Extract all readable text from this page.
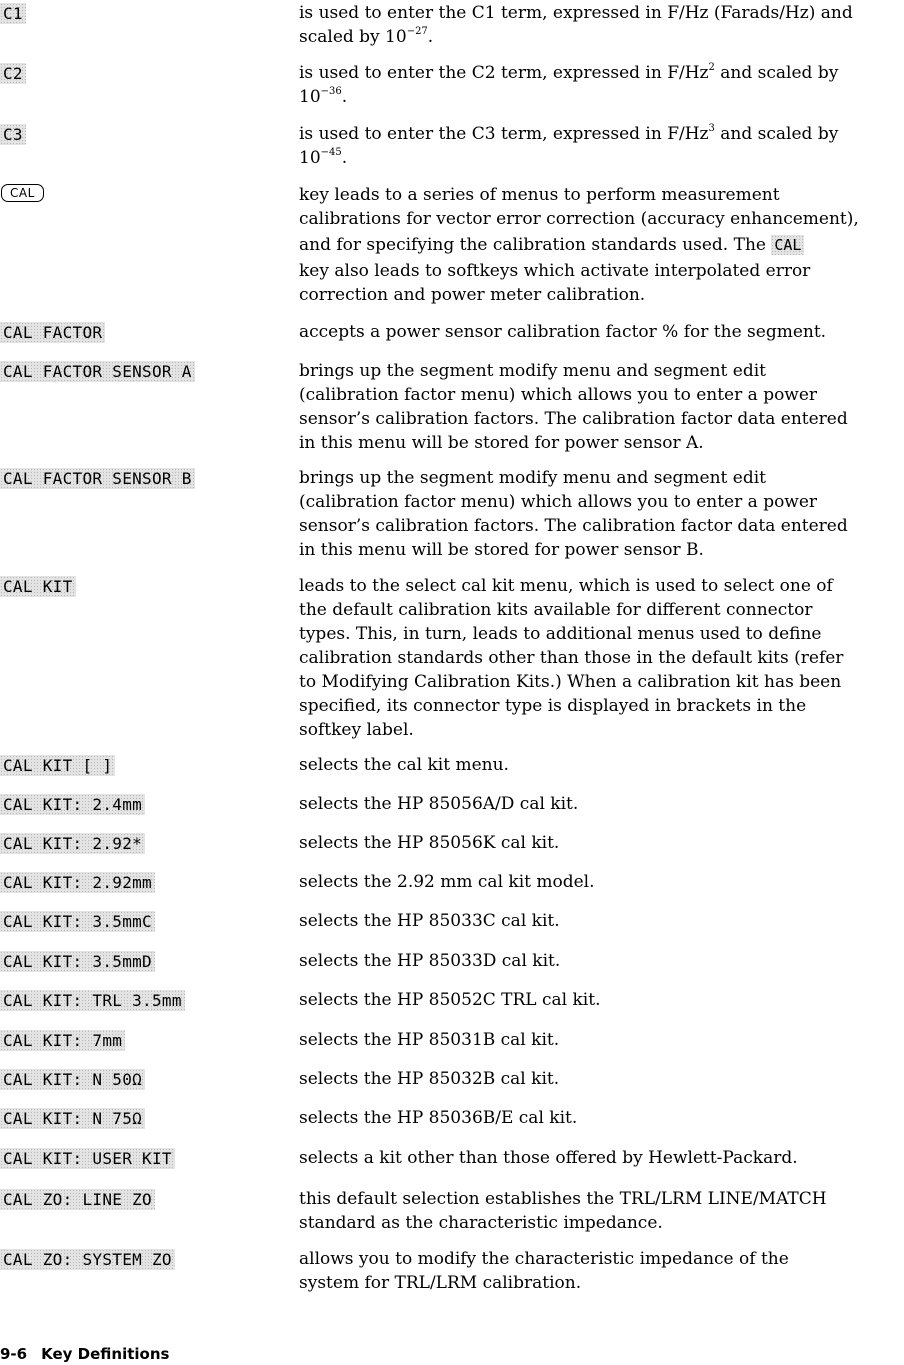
C1	is used to enter the C1 term, expressed in F/Hz (Farads/Hz) and
scaled by $10^{-27}$.
C2	is used to enter the C2 term, expressed in F/Hz$^2$ and scaled by
$10^{-36}$.
C3	is used to enter the C3 term, expressed in F/Hz$^3$ and scaled by
$10^{-45}$.
CAL	key leads to a series of menus to perform measurement
calibrations for vector error correction (accuracy enhancement),
and for specifying the calibration standards used. The CAL
key also leads to softkeys which activate interpolated error
correction and power meter calibration.
CAL FACTOR	accepts a power sensor calibration factor % for the segment.
CAL FACTOR SENSOR A	brings up the segment modify menu and segment edit
(calibration factor menu) which allows you to enter a power
sensor’s calibration factors. The calibration factor data entered
in this menu will be stored for power sensor A.
CAL FACTOR SENSOR B	brings up the segment modify menu and segment edit
(calibration factor menu) which allows you to enter a power
sensor’s calibration factors. The calibration factor data entered
in this menu will be stored for power sensor B.
CAL KIT	leads to the select cal kit menu, which is used to select one of
the default calibration kits available for different connector
types. This, in turn, leads to additional menus used to define
calibration standards other than those in the default kits (refer
to Modifying Calibration Kits.) When a calibration kit has been
specified, its connector type is displayed in brackets in the
softkey label.
CAL KIT [ ]	selects the cal kit menu.
CAL KIT: 2.4mm	selects the HP 85056A/D cal kit.
CAL KIT: 2.92*	selects the HP 85056K cal kit.
CAL KIT: 2.92mm	selects the 2.92 mm cal kit model.
CAL KIT: 3.5mmC	selects the HP 85033C cal kit.
CAL KIT: 3.5mmD	selects the HP 85033D cal kit.
CAL KIT: TRL 3.5mm	selects the HP 85052C TRL cal kit.
CAL KIT: 7mm	selects the HP 85031B cal kit.
CAL KIT: N 50Ω	selects the HP 85032B cal kit.
CAL KIT: N 75Ω	selects the HP 85036B/E cal kit.
CAL KIT: USER KIT	selects a kit other than those offered by Hewlett-Packard.
CAL ZO: LINE ZO	this default selection establishes the TRL/LRM LINE/MATCH
standard as the characteristic impedance.
CAL ZO: SYSTEM ZO	allows you to modify the characteristic impedance of the
system for TRL/LRM calibration.
9-6 Key Definitions
